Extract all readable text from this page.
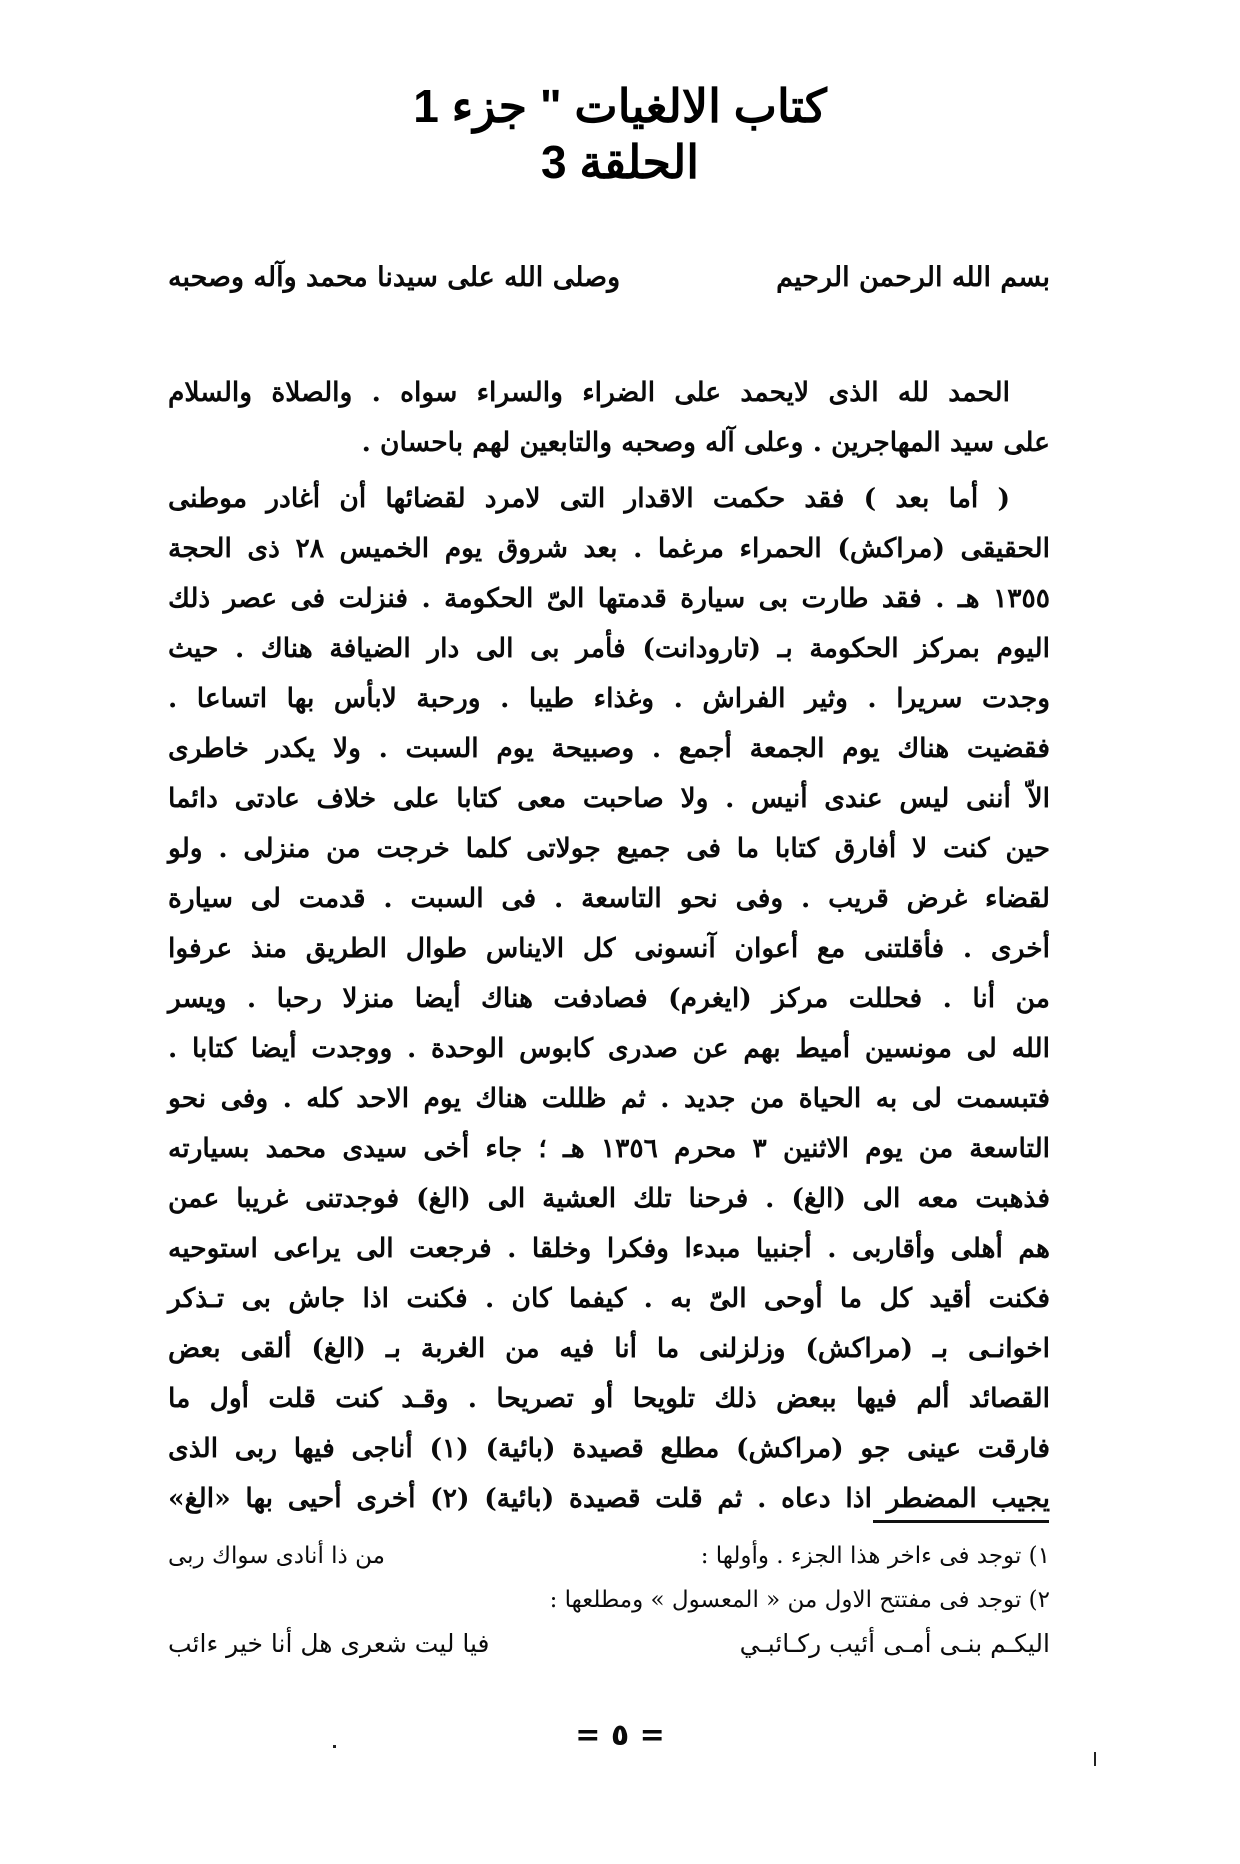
كتاب الالغيات " جزء 1
الحلقة 3
بسم الله الرحمن الرحيم
وصلى الله على سيدنا محمد وآله وصحبه
الحمد لله الذى لايحمد على الضراء والسراء سواه . والصلاة والسلام
على سيد المهاجرين . وعلى آله وصحبه والتابعين لهم باحسان .
( أما بعد ) فقد حكمت الاقدار التى لامرد لقضائها أن أغادر موطنى
الحقيقى (مراكش) الحمراء مرغما . بعد شروق يوم الخميس ٢٨ ذى الحجة
١٣٥٥ هـ . فقد طارت بى سيارة قدمتها الىّ الحكومة . فنزلت فى عصر ذلك
اليوم بمركز الحكومة بـ (تارودانت) فأمر بى الى دار الضيافة هناك . حيث
وجدت سريرا . وثير الفراش . وغذاء طيبا . ورحبة لابأس بها اتساعا .
فقضيت هناك يوم الجمعة أجمع . وصبيحة يوم السبت . ولا يكدر خاطرى
الاّ أننى ليس عندى أنيس . ولا صاحبت معى كتابا على خلاف عادتى دائما
حين كنت لا أفارق كتابا ما فى جميع جولاتى كلما خرجت من منزلى . ولو
لقضاء غرض قريب . وفى نحو التاسعة . فى السبت . قدمت لى سيارة
أخرى . فأقلتنى مع أعوان آنسونى كل الايناس طوال الطريق منذ عرفوا
من أنا . فحللت مركز (ايغرم) فصادفت هناك أيضا منزلا رحبا . ويسر
الله لى مونسين أميط بهم عن صدرى كابوس الوحدة . ووجدت أيضا كتابا .
فتبسمت لى به الحياة من جديد . ثم ظللت هناك يوم الاحد كله . وفى نحو
التاسعة من يوم الاثنين ٣ محرم ١٣٥٦ هـ ؛ جاء أخى سيدى محمد بسيارته
فذهبت معه الى (الغ) . فرحنا تلك العشية الى (الغ) فوجدتنى غريبا عمن
هم أهلى وأقاربى . أجنبيا مبدءا وفكرا وخلقا . فرجعت الى يراعى استوحيه
فكنت أقيد كل ما أوحى الىّ به . كيفما كان . فكنت اذا جاش بى تـذكر
اخوانـى بـ (مراكش) وزلزلنى ما أنا فيه من الغربة بـ (الغ) ألقى بعض
القصائد ألم فيها ببعض ذلك تلويحا أو تصريحا . وقـد كنت قلت أول ما
فارقت عينى جو (مراكش) مطلع قصيدة (بائية) (١) أناجى فيها ربى الذى
يجيب المضطر اذا دعاه . ثم قلت قصيدة (بائية) (٢) أخرى أحيى بها «الغ»
١) توجد فى ءاخر هذا الجزء . وأولها :
من ذا أنادى سواك ربى
٢) توجد فى مفتتح الاول من « المعسول » ومطلعها :
اليكـم بنـى أمـى أئيب ركـائبـي
فيا ليت شعرى هل أنا خير ءائب
= ٥ =
